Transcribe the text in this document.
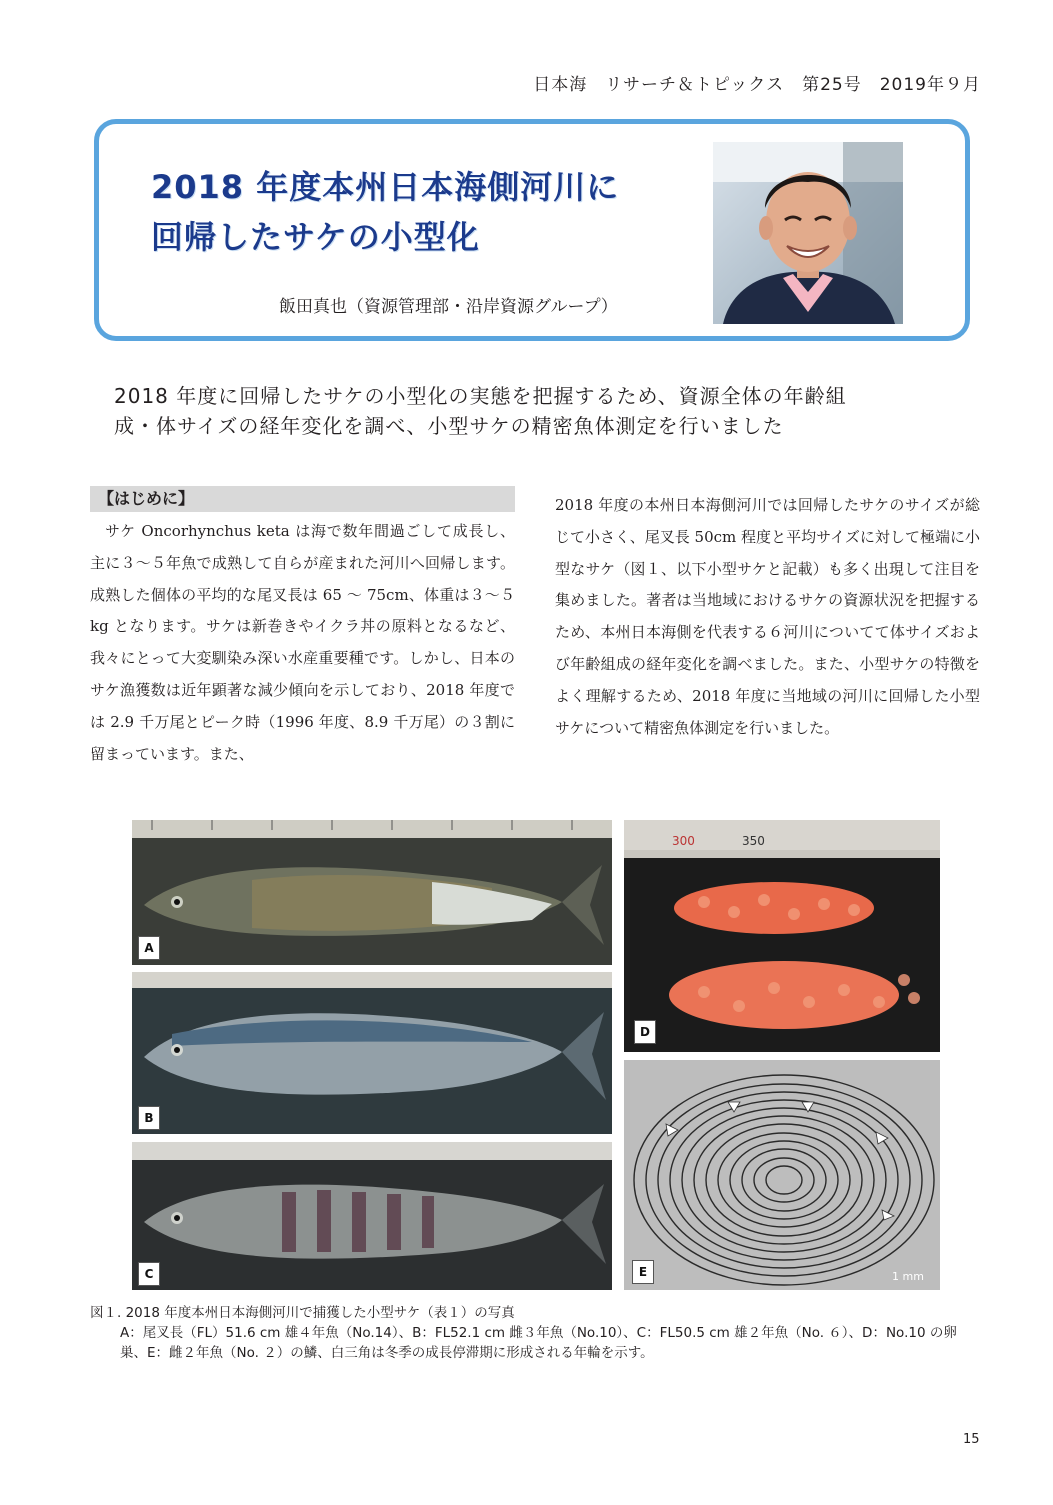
日本海　リサーチ＆トピックス　第25号　2019年９月
2018 年度本州日本海側河川に
回帰したサケの小型化
飯田真也（資源管理部・沿岸資源グループ）

2018 年度に回帰したサケの小型化の実態を把握するため、資源全体の年齢組
成・体サイズの経年変化を調べ、小型サケの精密魚体測定を行いました

【はじめに】
サケ Oncorhynchus keta は海で数年間過ごして成長し、主に３～５年魚で成熟して自らが産まれた河川へ回帰します。成熟した個体の平均的な尾叉長は 65 ～ 75cm、体重は３～５kg となります。サケは新巻きやイクラ丼の原料となるなど、我々にとって大変馴染み深い水産重要種です。しかし、日本のサケ漁獲数は近年顕著な減少傾向を示しており、2018 年度では 2.9 千万尾とピーク時（1996 年度、8.9 千万尾）の３割に留まっています。また、
2018 年度の本州日本海側河川では回帰したサケのサイズが総じて小さく、尾叉長 50cm 程度と平均サイズに対して極端に小型なサケ（図１、以下小型サケと記載）も多く出現して注目を集めました。著者は当地域におけるサケの資源状況を把握するため、本州日本海側を代表する６河川についてて体サイズおよび年齢組成の経年変化を調べました。また、小型サケの特徴をよく理解するため、2018 年度に当地域の河川に回帰した小型サケについて精密魚体測定を行いました。
A
B
C
300	350
D
1 mm
E
図１. 2018 年度本州日本海側河川で捕獲した小型サケ（表１）の写真
A：尾叉長（FL）51.6 cm 雄４年魚（No.14）、B：FL52.1 cm 雌３年魚（No.10）、C：FL50.5 cm 雄２年魚（No. ６）、D：No.10 の卵巣、E：雌２年魚（No. ２）の鱗、白三角は冬季の成長停滞期に形成される年輪を示す。
15
